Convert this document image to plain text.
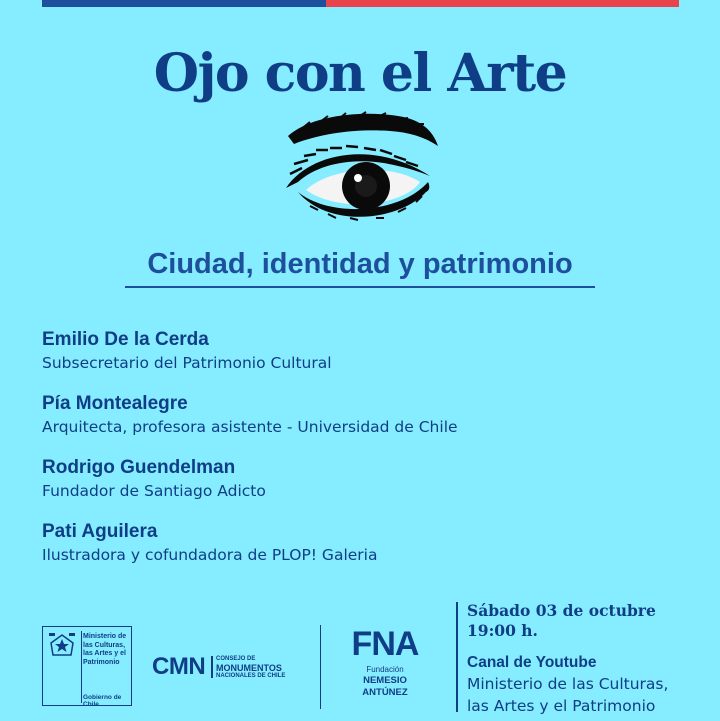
Ojo con el Arte
Ciudad, identidad y patrimonio
Emilio De la Cerda
Subsecretario del Patrimonio Cultural
Pía Montealegre
Arquitecta, profesora asistente - Universidad de Chile
Rodrigo Guendelman
Fundador de Santiago Adicto
Pati Aguilera
Ilustradora y cofundadora de PLOP! Galeria
Ministerio de
las Culturas,
las Artes y el
Patrimonio
Gobierno de Chile
CMN CONSEJO DE
MONUMENTOS
NACIONALES DE CHILE
FNA
Fundación
NEMESIO
ANTÚNEZ
Sábado 03 de octubre
19:00 h.
Canal de Youtube
Ministerio de las Culturas,
las Artes y el Patrimonio
